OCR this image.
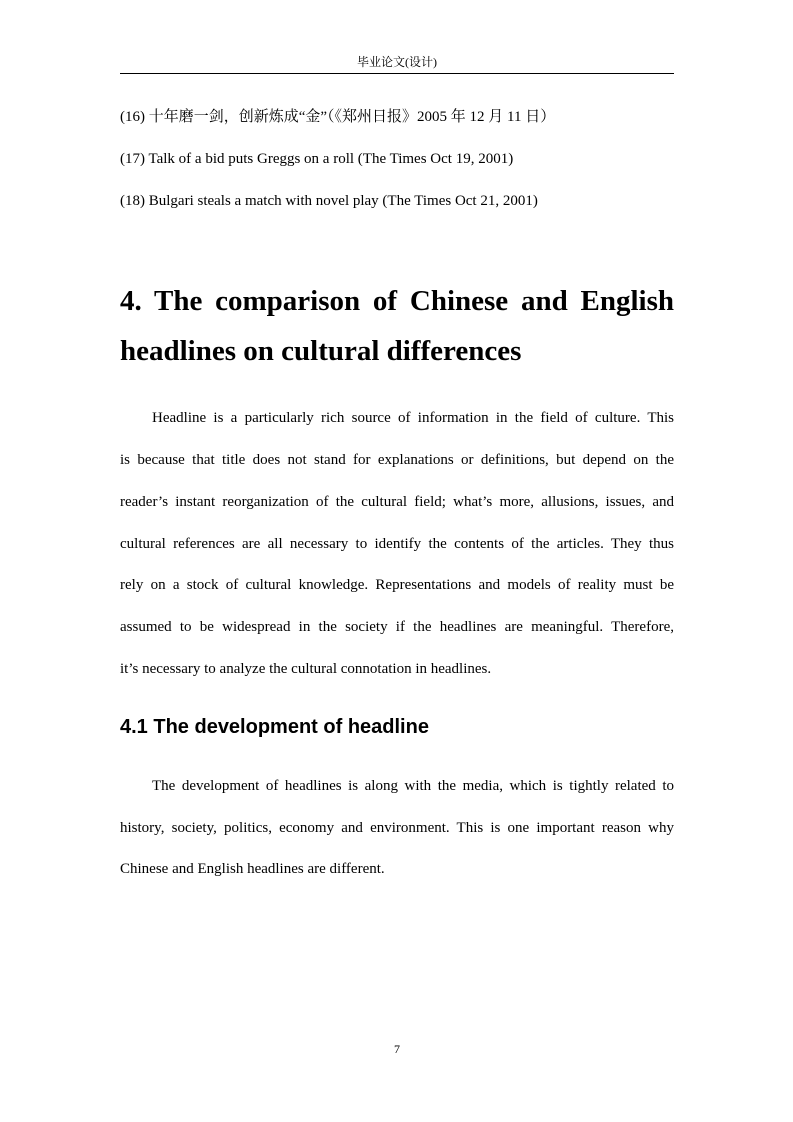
毕业论文(设计)
(16) 十年磨一剑，创新炼成“金”（《郑州日报》2005 年 12 月 11 日）
(17) Talk of a bid puts Greggs on a roll (The Times Oct 19, 2001)
(18) Bulgari steals a match with novel play (The Times Oct 21, 2001)
4. The comparison of Chinese and English
headlines on cultural differences
Headline is a particularly rich source of information in the field of culture. This
is because that title does not stand for explanations or definitions, but depend on the
reader’s instant reorganization of the cultural field; what’s more, allusions, issues, and
cultural references are all necessary to identify the contents of the articles. They thus
rely on a stock of cultural knowledge. Representations and models of reality must be
assumed to be widespread in the society if the headlines are meaningful. Therefore,
it’s necessary to analyze the cultural connotation in headlines.
4.1 The development of headline
The development of headlines is along with the media, which is tightly related to
history, society, politics, economy and environment. This is one important reason why
Chinese and English headlines are different.
7
